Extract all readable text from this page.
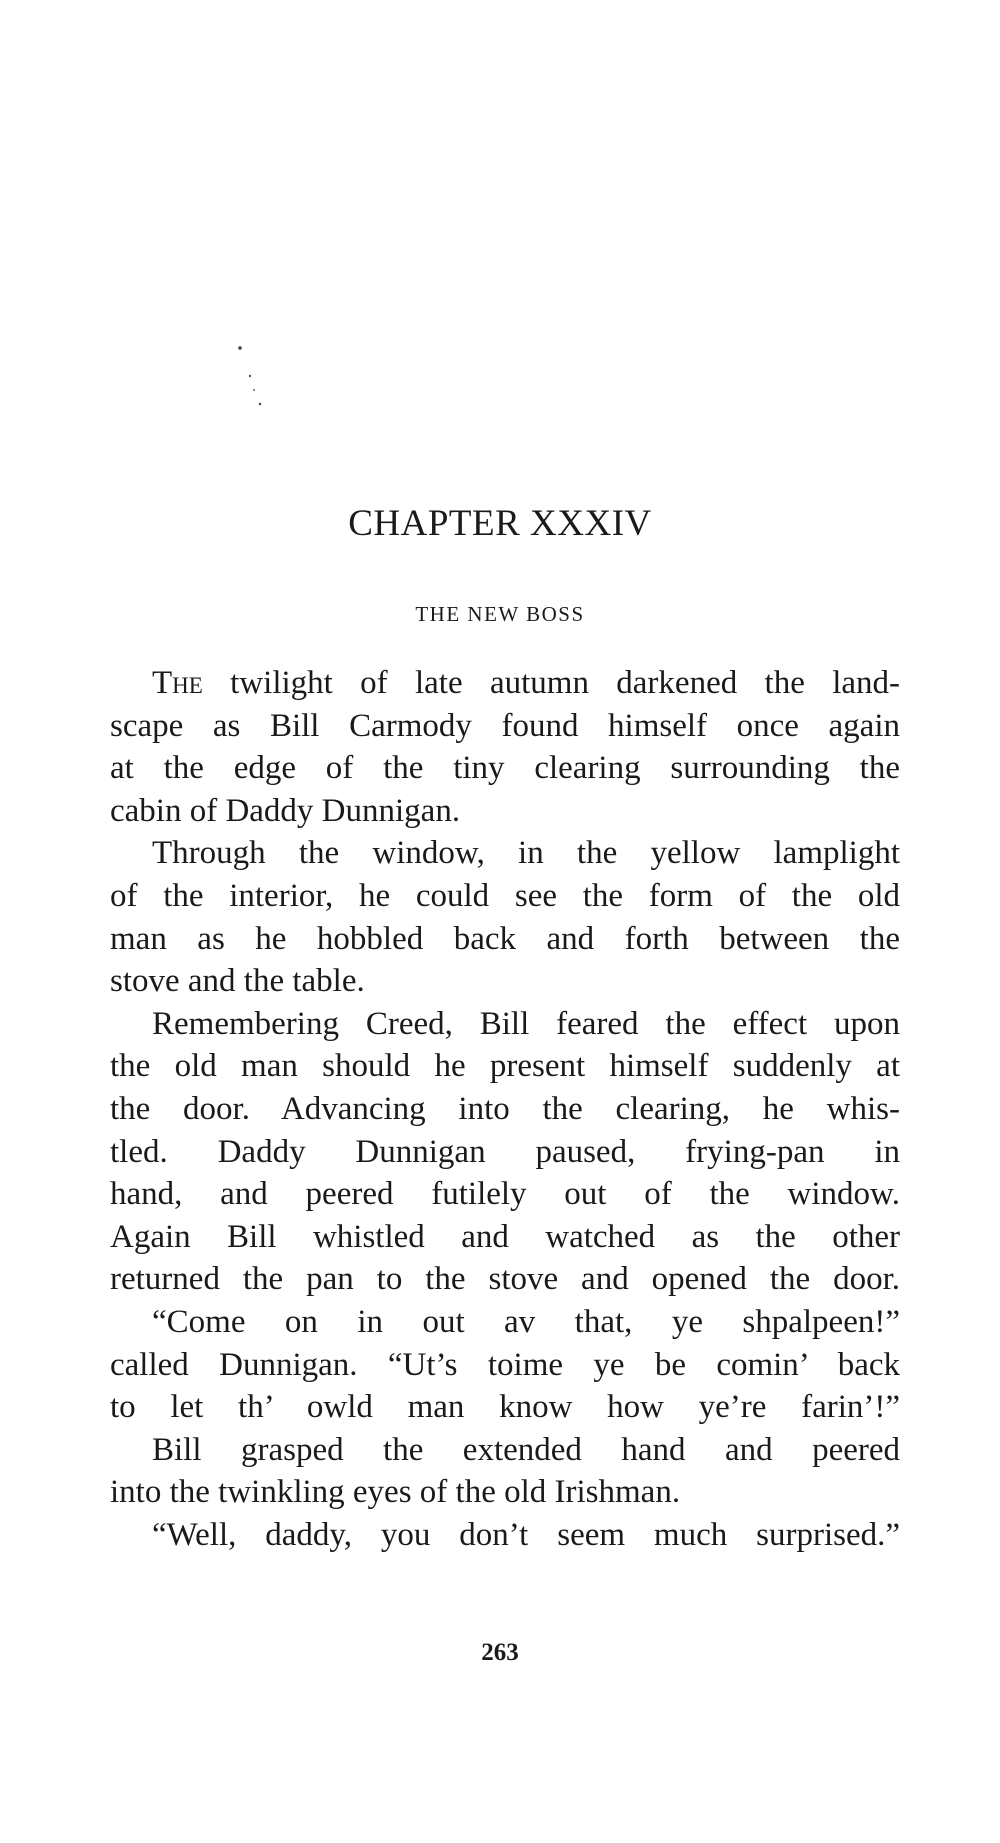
CHAPTER XXXIV
THE NEW BOSS
The twilight of late autumn darkened the land-
scape as Bill Carmody found himself once again
at the edge of the tiny clearing surrounding the
cabin of Daddy Dunnigan.
Through the window, in the yellow lamplight
of the interior, he could see the form of the old
man as he hobbled back and forth between the
stove and the table.
Remembering Creed, Bill feared the effect upon
the old man should he present himself suddenly at
the door. Advancing into the clearing, he whis-
tled. Daddy Dunnigan paused, frying-pan in
hand, and peered futilely out of the window.
Again Bill whistled and watched as the other
returned the pan to the stove and opened the door.
“Come on in out av that, ye shpalpeen!”
called Dunnigan. “Ut’s toime ye be comin’ back
to let th’ owld man know how ye’re farin’!”
Bill grasped the extended hand and peered
into the twinkling eyes of the old Irishman.
“Well, daddy, you don’t seem much surprised.”
263
